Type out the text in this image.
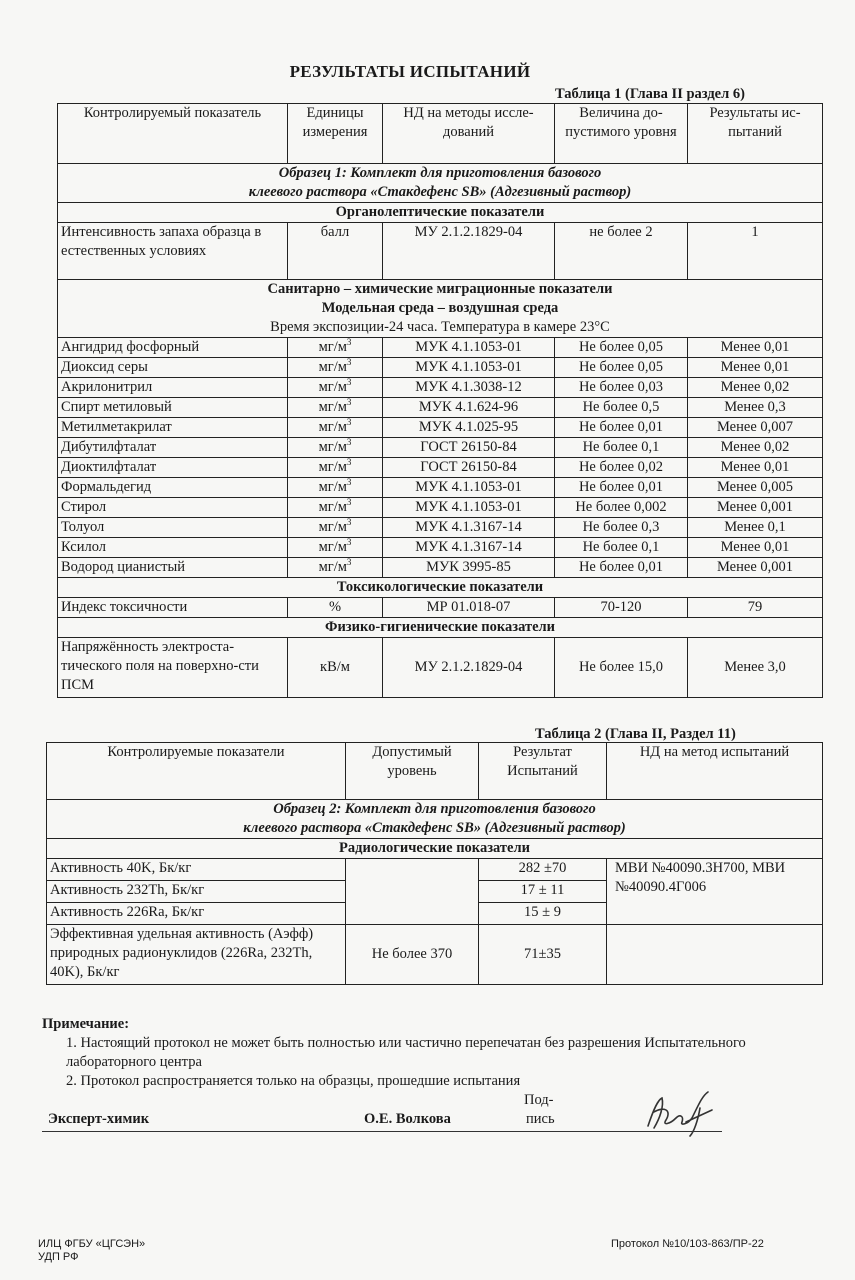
РЕЗУЛЬТАТЫ ИСПЫТАНИЙ
Таблица 1 (Глава II раздел 6)
Контролируемый показатель	Единицы измерения	НД на методы иссле-дований	Величина до-пустимого уровня	Результаты ис-пытаний

Образец 1: Комплект для приготовления базового
клеевого раствора «Стакдефенс SB» (Адгезивный раствор)				

Органолептические показатели				
Интенсивность запаха образца в естественных условиях	балл	МУ 2.1.2.1829-04	не более 2	1

Санитарно – химические миграционные показатели
Модельная среда – воздушная среда
Время экспозиции-24 часа. Температура в камере 23°С				

Ангидрид фосфорный	$мг/м^3$	МУК 4.1.1053-01	Не более 0,05	Менее 0,01
Диоксид серы	$мг/м^3$	МУК 4.1.1053-01	Не более 0,05	Менее 0,01
Акрилонитрил	$мг/м^3$	МУК 4.1.3038-12	Не более 0,03	Менее 0,02
Спирт метиловый	$мг/м^3$	МУК 4.1.624-96	Не более 0,5	Менее 0,3
Метилметакрилат	$мг/м^3$	МУК 4.1.025-95	Не более 0,01	Менее 0,007
Дибутилфталат	$мг/м^3$	ГОСТ 26150-84	Не более 0,1	Менее 0,02
Диоктилфталат	$мг/м^3$	ГОСТ 26150-84	Не более 0,02	Менее 0,01
Формальдегид	$мг/м^3$	МУК 4.1.1053-01	Не более 0,01	Менее 0,005
Стирол	$мг/м^3$	МУК 4.1.1053-01	Не более 0,002	Менее 0,001
Толуол	$мг/м^3$	МУК 4.1.3167-14	Не более 0,3	Менее 0,1
Ксилол	$мг/м^3$	МУК 4.1.3167-14	Не более 0,1	Менее 0,01
Водород цианистый	$мг/м^3$	МУК 3995-85	Не более 0,01	Менее 0,001
Токсикологические показатели				
Индекс токсичности	%	МР 01.018-07	70-120	79
Физико-гигиенические показатели				
Напряжённость электроста-тического поля на поверхно-сти ПСМ	кВ/м	МУ 2.1.2.1829-04	Не более 15,0	Менее 3,0
Таблица 2 (Глава II, Раздел 11)
Контролируемые показатели	Допустимый уровень	Результат Испытаний	НД на метод испытаний

Образец 2: Комплект для приготовления базового
клеевого раствора «Стакдефенс SB» (Адгезивный раствор)			

Радиологические показатели			
Активность 40K, Бк/кг		282 ±70	МВИ №40090.3Н700, МВИ №40090.4Г006
Активность 232Th, Бк/кг		17 ± 11	
Активность 226Ra, Бк/кг		15 ± 9	
Эффективная удельная активность (Аэфф) природных радионуклидов (226Ra, 232Th, 40K), Бк/кг	Не более 370	71±35	
Примечание:
1. Настоящий протокол не может быть полностью или частично перепечатан без разрешения Испытательного лабораторного центра
2. Протокол распространяется только на образцы, прошедшие испытания
Эксперт-химик	О.Е. Волкова
Под-
пись
ИЛЦ ФГБУ «ЦГСЭН»
УДП РФ
Протокол №10/103-863/ПР-22
